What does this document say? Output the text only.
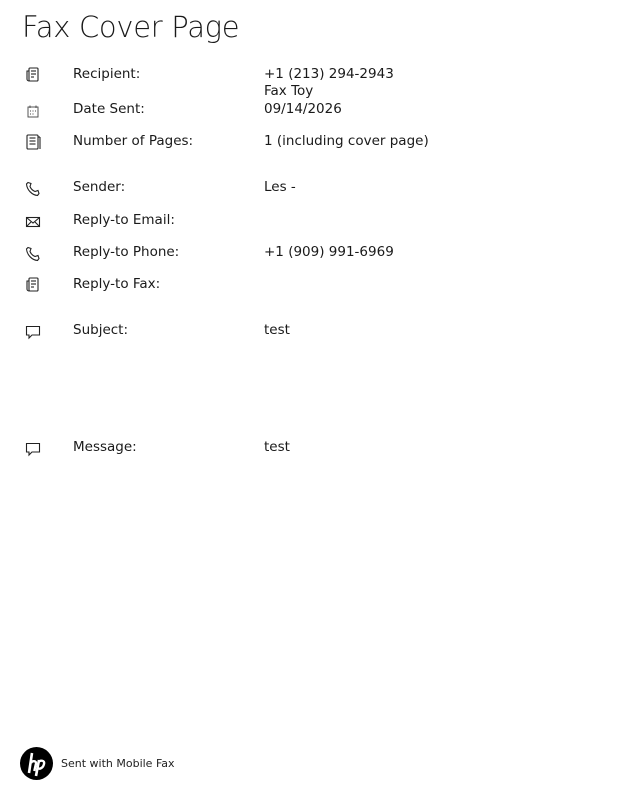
Fax Cover Page
Recipient:	+1 (213) 294-2943
Fax Toy
Date Sent:	09/14/2026
Number of Pages:	1 (including cover page)
Sender:	Les -
Reply-to Email:
Reply-to Phone:	+1 (909) 991-6969
Reply-to Fax:
Subject:	test
Message:	test
Sent with Mobile Fax
